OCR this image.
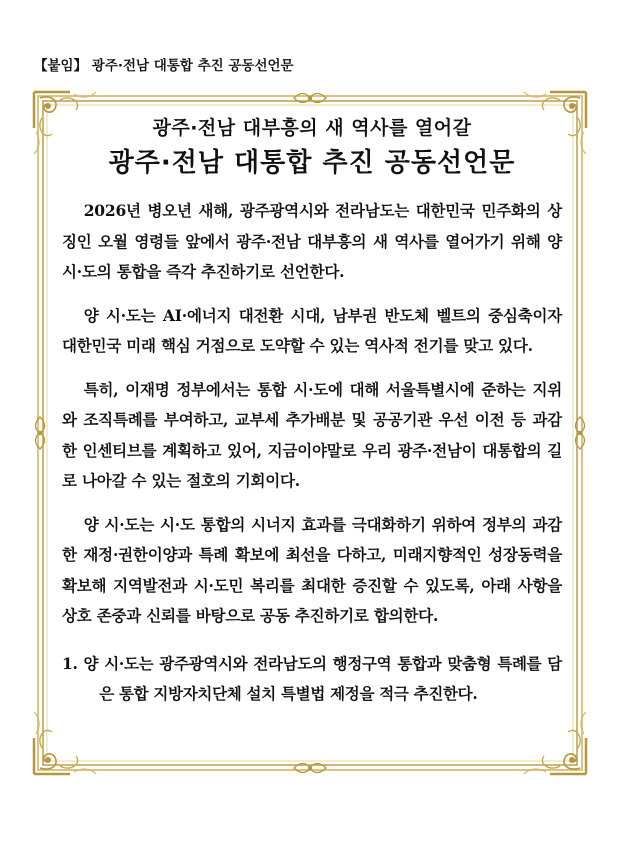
【붙임】 광주·전남 대통합 추진 공동선언문

광주·전남 대부흥의 새 역사를 열어갈

광주·전남 대통합 추진 공동선언문

2026년 병오년 새해, 광주광역시와 전라남도는 대한민국 민주화의 상징인 오월 영령들 앞에서 광주·전남 대부흥의 새 역사를 열어가기 위해 양 시·도의 통합을 즉각 추진하기로 선언한다.

양 시·도는 AI·에너지 대전환 시대, 남부권 반도체 벨트의 중심축이자 대한민국 미래 핵심 거점으로 도약할 수 있는 역사적 전기를 맞고 있다.

특히, 이재명 정부에서는 통합 시·도에 대해 서울특별시에 준하는 지위와 조직특례를 부여하고, 교부세 추가배분 및 공공기관 우선 이전 등 과감한 인센티브를 계획하고 있어, 지금이야말로 우리 광주·전남이 대통합의 길로 나아갈 수 있는 절호의 기회이다.

양 시·도는 시·도 통합의 시너지 효과를 극대화하기 위하여 정부의 과감한 재정·권한이양과 특례 확보에 최선을 다하고, 미래지향적인 성장동력을 확보해 지역발전과 시·도민 복리를 최대한 증진할 수 있도록, 아래 사항을 상호 존중과 신뢰를 바탕으로 공동 추진하기로 합의한다.

1. 양 시·도는 광주광역시와 전라남도의 행정구역 통합과 맞춤형 특례를 담은 통합 지방자치단체 설치 특별법 제정을 적극 추진한다.
